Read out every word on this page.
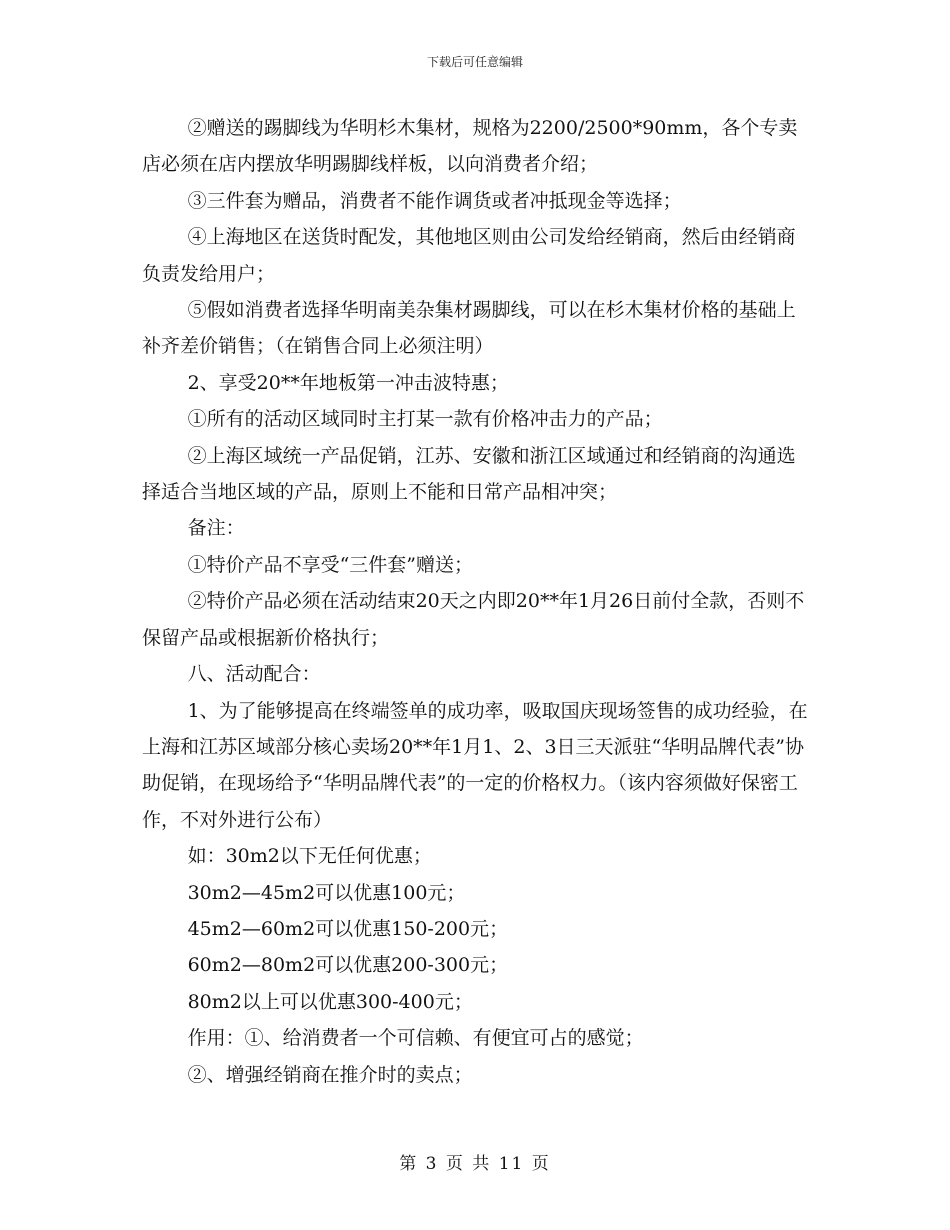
下载后可任意编辑

②赠送的踢脚线为华明杉木集材，规格为2200/2500*90mm，各个专卖店必须在店内摆放华明踢脚线样板，以向消费者介绍；

③三件套为赠品，消费者不能作调货或者冲抵现金等选择；

④上海地区在送货时配发，其他地区则由公司发给经销商，然后由经销商负责发给用户；

⑤假如消费者选择华明南美杂集材踢脚线，可以在杉木集材价格的基础上补齐差价销售；（在销售合同上必须注明）

2、享受20**年地板第一冲击波特惠；

①所有的活动区域同时主打某一款有价格冲击力的产品；

②上海区域统一产品促销，江苏、安徽和浙江区域通过和经销商的沟通选择适合当地区域的产品，原则上不能和日常产品相冲突；

备注：

①特价产品不享受“三件套”赠送；

②特价产品必须在活动结束20天之内即20**年1月26日前付全款，否则不保留产品或根据新价格执行；

八、活动配合：

1、为了能够提高在终端签单的成功率，吸取国庆现场签售的成功经验，在上海和江苏区域部分核心卖场20**年1月1、2、3日三天派驻“华明品牌代表”协助促销，在现场给予“华明品牌代表”的一定的价格权力。（该内容须做好保密工作，不对外进行公布）

如：30m2以下无任何优惠；

30m2—45m2可以优惠100元；

45m2—60m2可以优惠150-200元；

60m2—80m2可以优惠200-300元；

80m2以上可以优惠300-400元；

作用：①、给消费者一个可信赖、有便宜可占的感觉；

②、增强经销商在推介时的卖点；

第 3 页 共 11 页
